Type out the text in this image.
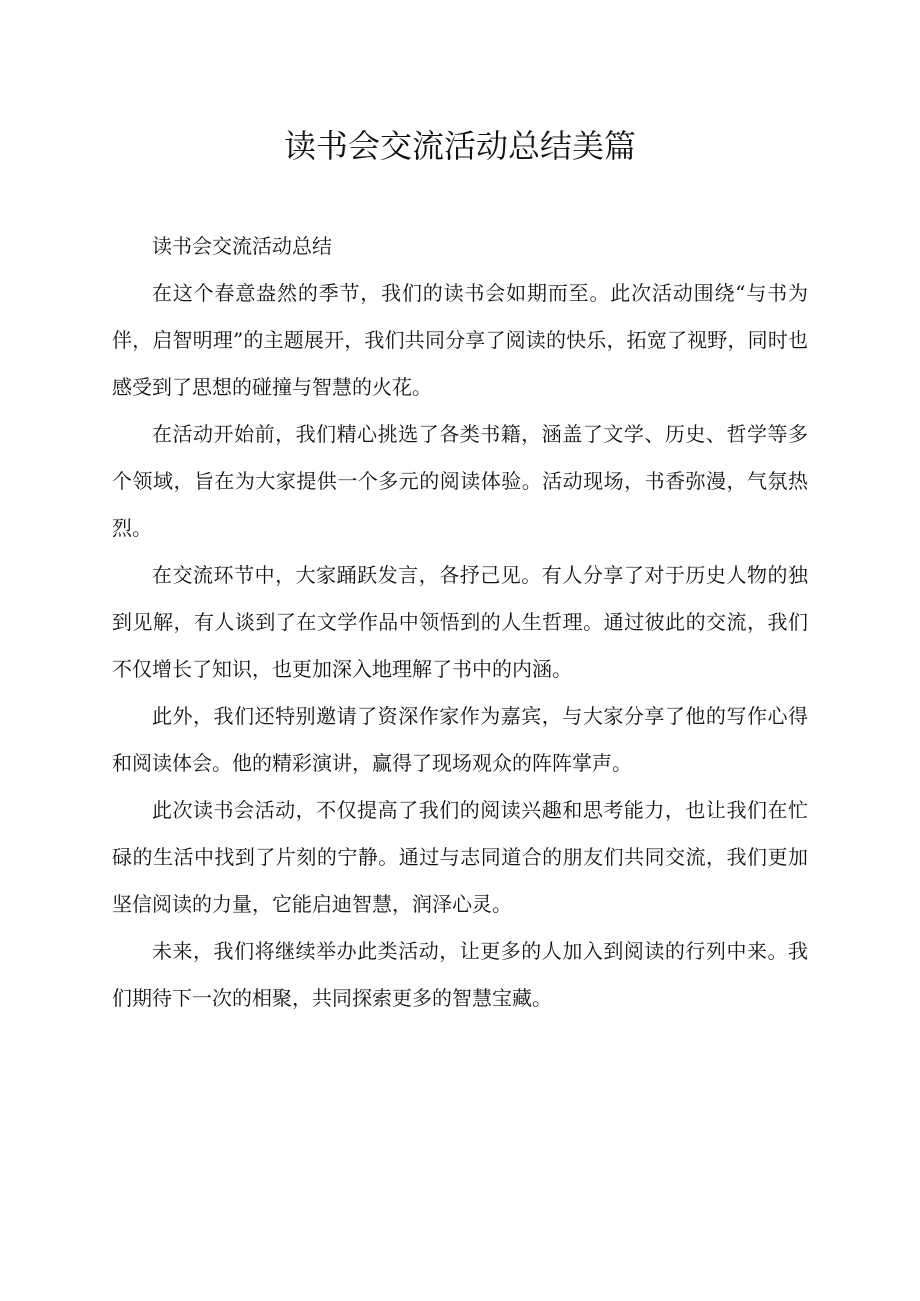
读书会交流活动总结美篇

读书会交流活动总结

在这个春意盎然的季节，我们的读书会如期而至。此次活动围绕“与书为伴，启智明理”的主题展开，我们共同分享了阅读的快乐，拓宽了视野，同时也感受到了思想的碰撞与智慧的火花。

在活动开始前，我们精心挑选了各类书籍，涵盖了文学、历史、哲学等多个领域，旨在为大家提供一个多元的阅读体验。活动现场，书香弥漫，气氛热烈。

在交流环节中，大家踊跃发言，各抒己见。有人分享了对于历史人物的独到见解，有人谈到了在文学作品中领悟到的人生哲理。通过彼此的交流，我们不仅增长了知识，也更加深入地理解了书中的内涵。

此外，我们还特别邀请了资深作家作为嘉宾，与大家分享了他的写作心得和阅读体会。他的精彩演讲，赢得了现场观众的阵阵掌声。

此次读书会活动，不仅提高了我们的阅读兴趣和思考能力，也让我们在忙碌的生活中找到了片刻的宁静。通过与志同道合的朋友们共同交流，我们更加坚信阅读的力量，它能启迪智慧，润泽心灵。

未来，我们将继续举办此类活动，让更多的人加入到阅读的行列中来。我们期待下一次的相聚，共同探索更多的智慧宝藏。
